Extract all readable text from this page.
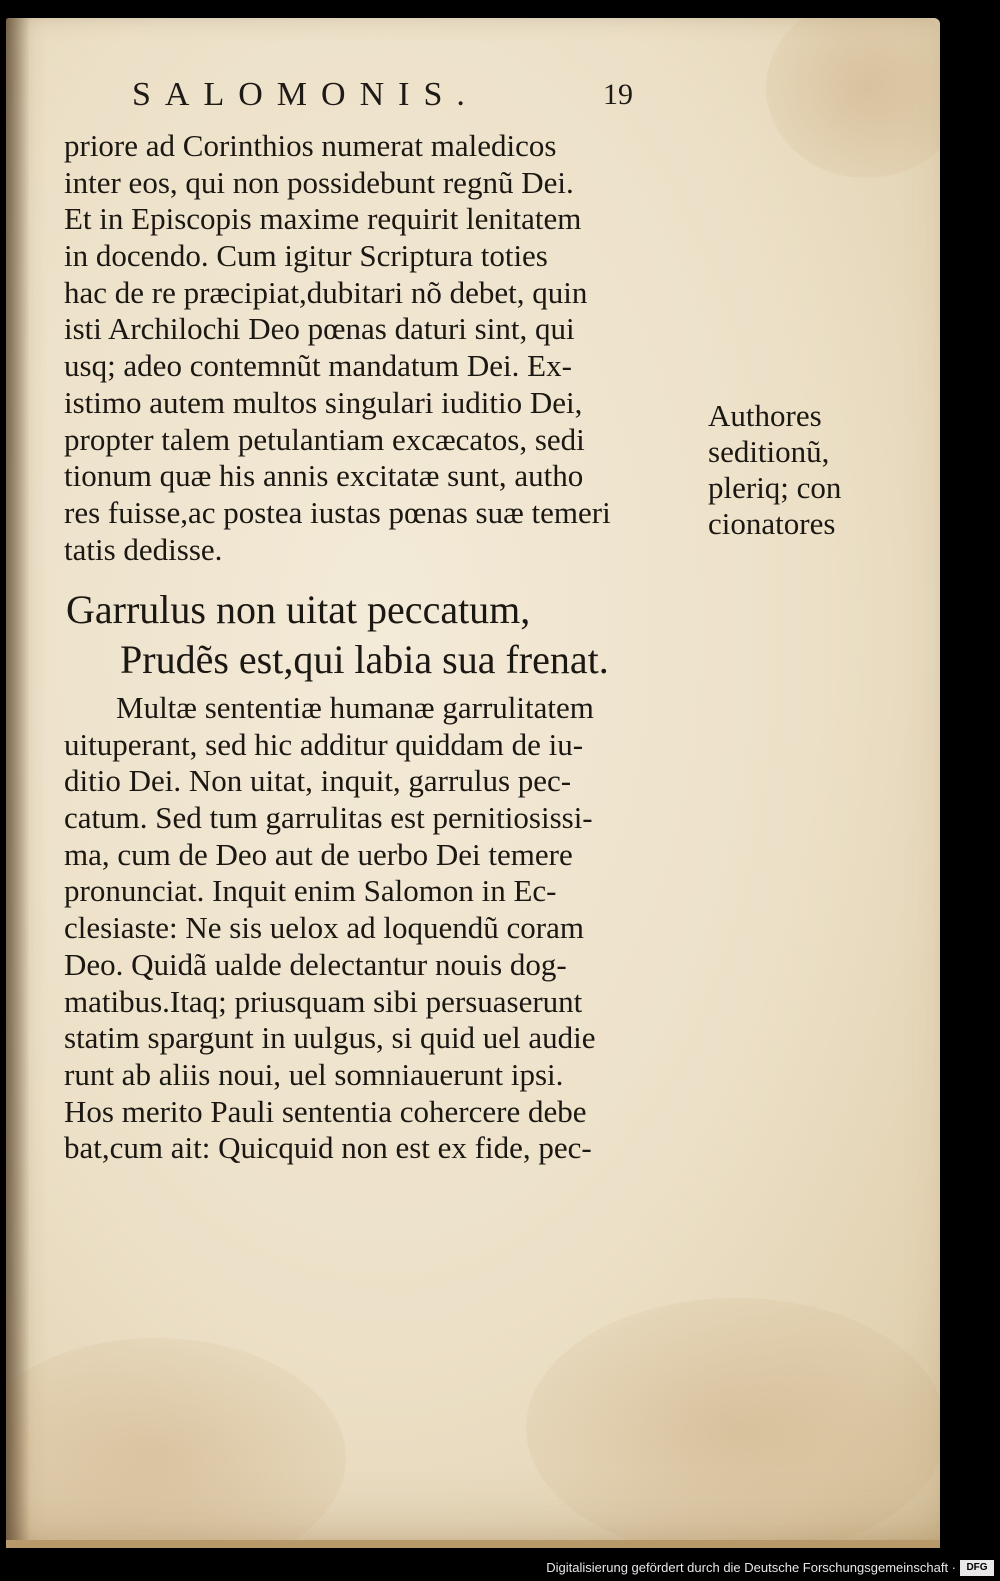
SALOMONIS.	19
priore ad Corinthios numerat maledicos
inter eos, qui non possidebunt regnũ Dei.
Et in Episcopis maxime requirit lenitatem
in docendo. Cum igitur Scriptura toties
hac de re præcipiat,dubitari nõ debet, quin
isti Archilochi Deo pœnas daturi sint, qui
usq; adeo contemnũt mandatum Dei. Ex-
istimo autem multos singulari iuditio Dei,
propter talem petulantiam excæcatos, sedi
tionum quæ his annis excitatæ sunt, autho
res fuisse,ac postea iustas pœnas suæ temeri
tatis dedisse.
Garrulus non uitat peccatum,
Prudẽs est,qui labia sua frenat.
Multæ sententiæ humanæ garrulitatem
uituperant, sed hic additur quiddam de iu-
ditio Dei. Non uitat, inquit, garrulus pec-
catum. Sed tum garrulitas est pernitiosissi-
ma, cum de Deo aut de uerbo Dei temere
pronunciat. Inquit enim Salomon in Ec-
clesiaste: Ne sis uelox ad loquendũ coram
Deo. Quidã ualde delectantur nouis dog-
matibus.Itaq; priusquam sibi persuaserunt
statim spargunt in uulgus, si quid uel audie
runt ab aliis noui, uel somniauerunt ipsi.
Hos merito Pauli sententia cohercere debe
bat,cum ait: Quicquid non est ex fide, pec-
Authores
seditionũ,
pleriq; con
cionatores
Digitalisierung gefördert durch die Deutsche Forschungsgemeinschaft ·	DFG
